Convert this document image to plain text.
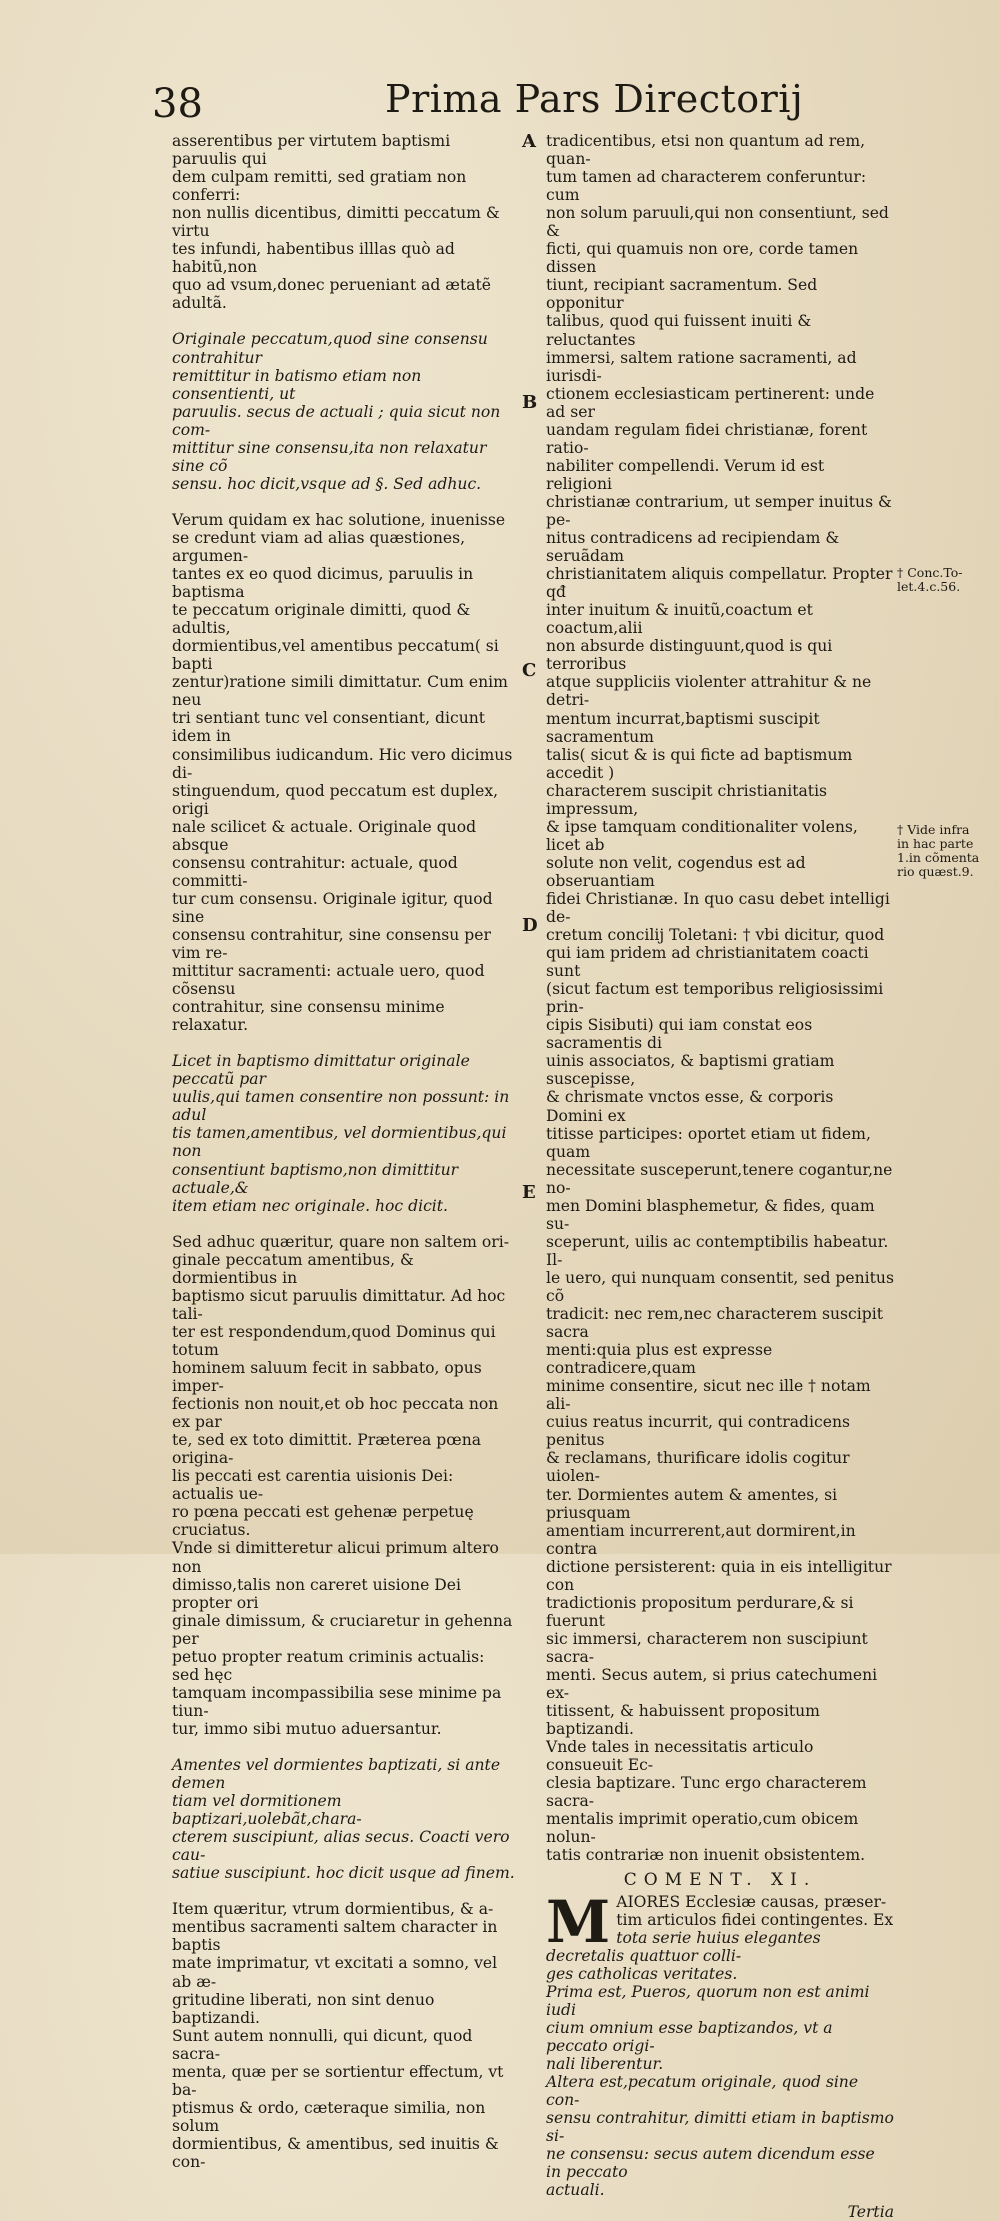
38	Prima Pars Directorij
asserentibus per virtutem baptismi paruulis qui
dem culpam remitti, sed gratiam non conferri:
non nullis dicentibus, dimitti peccatum & virtu
tes infundi, habentibus illlas quò ad habitũ,non
quo ad vsum,donec perueniant ad ætatẽ adultã.
Originale peccatum,quod sine consensu contrahitur
remittitur in batismo etiam non consentienti, ut
paruulis. secus de actuali ; quia sicut non com-
mittitur sine consensu,ita non relaxatur sine cõ
sensu. hoc dicit,vsque ad §. Sed adhuc.
Verum quidam ex hac solutione, inuenisse
se credunt viam ad alias quæstiones, argumen-
tantes ex eo quod dicimus, paruulis in baptisma
te peccatum originale dimitti, quod & adultis,
dormientibus,vel amentibus peccatum( si bapti
zentur)ratione simili dimittatur. Cum enim neu
tri sentiant tunc vel consentiant, dicunt idem in
consimilibus iudicandum. Hic vero dicimus di-
stinguendum, quod peccatum est duplex, origi
nale scilicet & actuale. Originale quod absque
consensu contrahitur: actuale, quod committi-
tur cum consensu. Originale igitur, quod sine
consensu contrahitur, sine consensu per vim re-
mittitur sacramenti: actuale uero, quod cõsensu
contrahitur, sine consensu minime relaxatur.
Licet in baptismo dimittatur originale peccatũ par
uulis,qui tamen consentire non possunt: in adul
tis tamen,amentibus, vel dormientibus,qui non
consentiunt baptismo,non dimittitur actuale,&
item etiam nec originale. hoc dicit.
Sed adhuc quæritur, quare non saltem ori-
ginale peccatum amentibus, & dormientibus in
baptismo sicut paruulis dimittatur. Ad hoc tali-
ter est respondendum,quod Dominus qui totum
hominem saluum fecit in sabbato, opus imper-
fectionis non nouit,et ob hoc peccata non ex par
te, sed ex toto dimittit. Præterea pœna origina-
lis peccati est carentia uisionis Dei: actualis ue-
ro pœna peccati est gehenæ perpetuę cruciatus.
Vnde si dimitteretur alicui primum altero non
dimisso,talis non careret uisione Dei propter ori
ginale dimissum, & cruciaretur in gehenna per
petuo propter reatum criminis actualis: sed hęc
tamquam incompassibilia sese minime pa tiun-
tur, immo sibi mutuo aduersantur.
Amentes vel dormientes baptizati, si ante demen
tiam vel dormitionem baptizari,uolebãt,chara-
cterem suscipiunt, alias secus. Coacti vero cau-
satiue suscipiunt. hoc dicit usque ad finem.
Item quæritur, vtrum dormientibus, & a-
mentibus sacramenti saltem character in baptis
mate imprimatur, vt excitati a somno, vel ab æ-
gritudine liberati, non sint denuo baptizandi.
Sunt autem nonnulli, qui dicunt, quod sacra-
menta, quæ per se sortientur effectum, vt ba-
ptismus & ordo, cæteraque similia, non solum
dormientibus, & amentibus, sed inuitis & con-
tradicentibus, etsi non quantum ad rem, quan-
tum tamen ad characterem conferuntur: cum
non solum paruuli,qui non consentiunt, sed &
ficti, qui quamuis non ore, corde tamen dissen
tiunt, recipiant sacramentum. Sed opponitur
talibus, quod qui fuissent inuiti & reluctantes
immersi, saltem ratione sacramenti, ad iurisdi-
ctionem ecclesiasticam pertinerent: unde ad ser
uandam regulam fidei christianæ, forent ratio-
nabiliter compellendi. Verum id est religioni
christianæ contrarium, ut semper inuitus & pe-
nitus contradicens ad recipiendam & seruãdam
christianitatem aliquis compellatur. Propter qđ
inter inuitum & inuitũ,coactum et coactum,alii
non absurde distinguunt,quod is qui terroribus
atque suppliciis violenter attrahitur & ne detri-
mentum incurrat,baptismi suscipit sacramentum
talis( sicut & is qui ficte ad baptismum accedit )
characterem suscipit christianitatis impressum,
& ipse tamquam conditionaliter volens, licet ab
solute non velit, cogendus est ad obseruantiam
fidei Christianæ. In quo casu debet intelligi de-
cretum concilij Toletani: † vbi dicitur, quod
qui iam pridem ad christianitatem coacti sunt
(sicut factum est temporibus religiosissimi prin-
cipis Sisibuti) qui iam constat eos sacramentis di
uinis associatos, & baptismi gratiam suscepisse,
& chrismate vnctos esse, & corporis Domini ex
titisse participes: oportet etiam ut fidem, quam
necessitate susceperunt,tenere cogantur,ne no-
men Domini blasphemetur, & fides, quam su-
sceperunt, uilis ac contemptibilis habeatur. Il-
le uero, qui nunquam consentit, sed penitus cõ
tradicit: nec rem,nec characterem suscipit sacra
menti:quia plus est expresse contradicere,quam
minime consentire, sicut nec ille † notam ali-
cuius reatus incurrit, qui contradicens penitus
& reclamans, thurificare idolis cogitur uiolen-
ter. Dormientes autem & amentes, si priusquam
amentiam incurrerent,aut dormirent,in contra
dictione persisterent: quia in eis intelligitur con
tradictionis propositum perdurare,& si fuerunt
sic immersi, characterem non suscipiunt sacra-
menti. Secus autem, si prius catechumeni ex-
titissent, & habuissent propositum baptizandi.
Vnde tales in necessitatis articulo consueuit Ec-
clesia baptizare. Tunc ergo characterem sacra-
mentalis imprimit operatio,cum obicem nolun-
tatis contrariæ non inuenit obsistentem.
COMENT. XI.
M AIORES Ecclesiæ causas, præser-
tim articulos fidei contingentes. Ex
tota serie huius elegantes decretalis quattuor colli-
ges catholicas veritates.
Prima est, Pueros, quorum non est animi iudi
cium omnium esse baptizandos, vt a peccato origi-
nali liberentur.
Altera est,pecatum originale, quod sine con-
sensu contrahitur, dimitti etiam in baptismo si-
ne consensu: secus autem dicendum esse in peccato
actuali.
Tertia
A
B
C
D
E
† Conc.To-
let.4.c.56.
† Vide infra
in hac parte
1.in cõmenta
rio quæst.9.
